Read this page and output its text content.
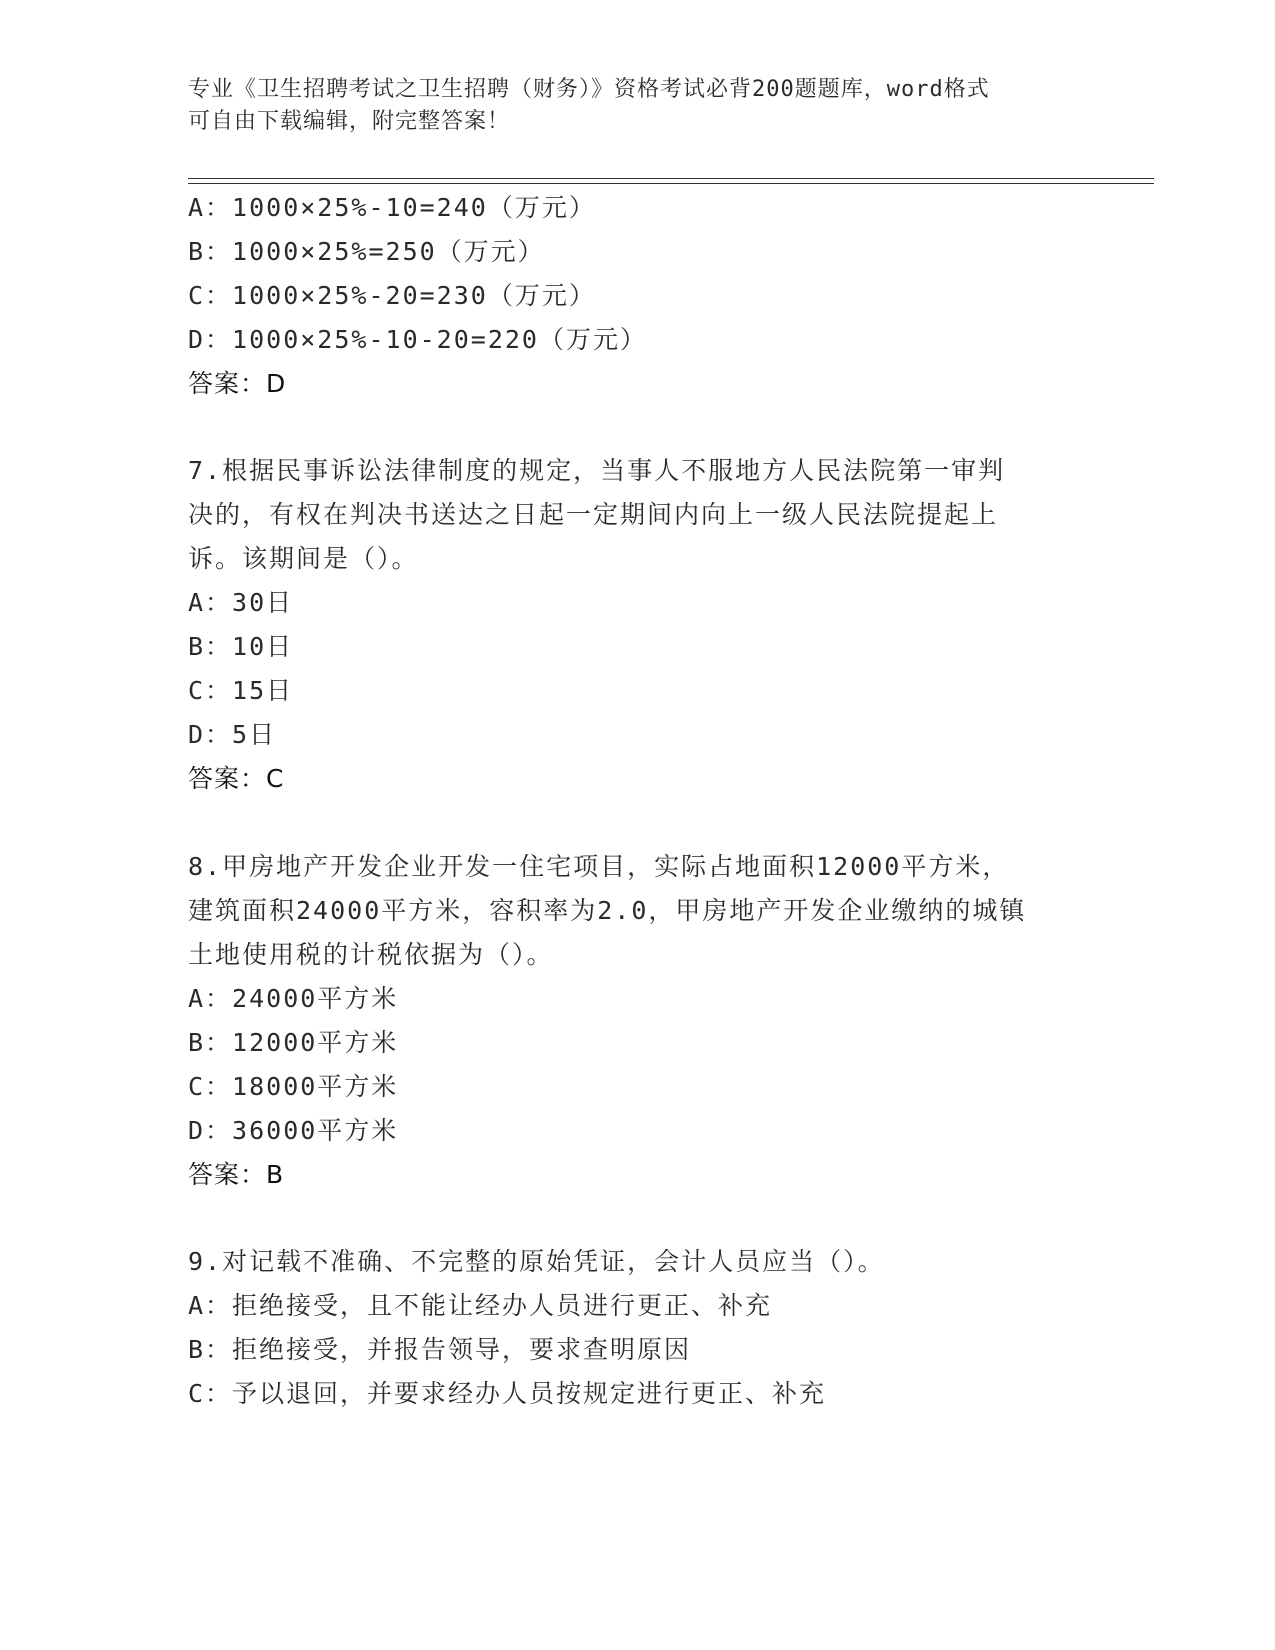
专业《卫生招聘考试之卫生招聘（财务）》资格考试必背200题题库，word格式
可自由下载编辑，附完整答案！
A：1000×25%-10=240（万元）
B：1000×25%=250（万元）
C：1000×25%-20=230（万元）
D：1000×25%-10-20=220（万元）
答案：D
7.根据民事诉讼法律制度的规定，当事人不服地方人民法院第一审判
决的，有权在判决书送达之日起一定期间内向上一级人民法院提起上
诉。该期间是（）。
A：30日
B：10日
C：15日
D：5日
答案：C
8.甲房地产开发企业开发一住宅项目，实际占地面积12000平方米，
建筑面积24000平方米，容积率为2.0，甲房地产开发企业缴纳的城镇
土地使用税的计税依据为（）。
A：24000平方米
B：12000平方米
C：18000平方米
D：36000平方米
答案：B
9.对记载不准确、不完整的原始凭证，会计人员应当（）。
A：拒绝接受，且不能让经办人员进行更正、补充
B：拒绝接受，并报告领导，要求查明原因
C：予以退回，并要求经办人员按规定进行更正、补充
